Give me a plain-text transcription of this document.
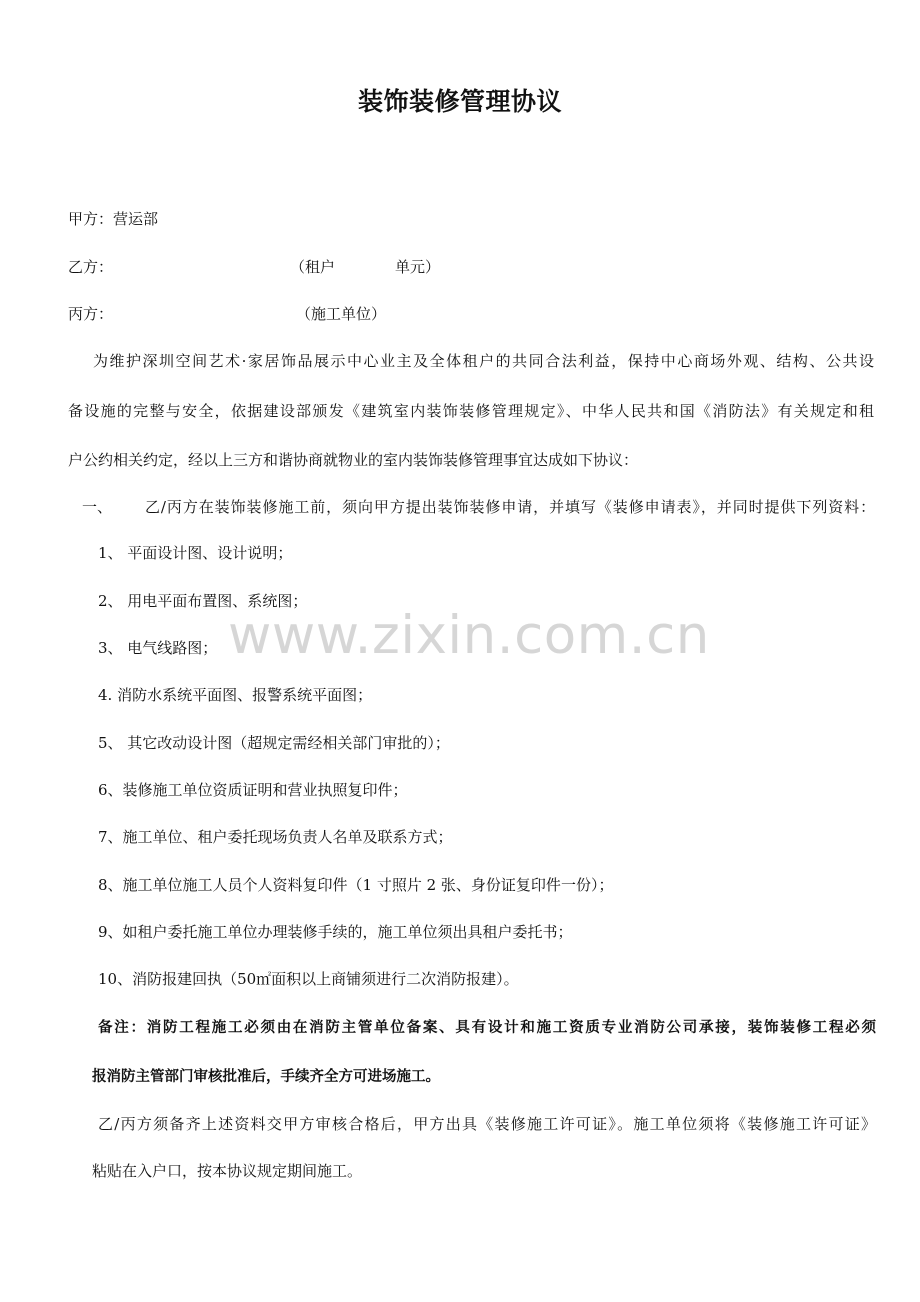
装饰装修管理协议
甲方：营运部
乙方：	（租户　　　　单元）
丙方：	（施工单位）
为维护深圳空间艺术·家居饰品展示中心业主及全体租户的共同合法利益，保持中心商场外观、结构、公共设
备设施的完整与安全，依据建设部颁发《建筑室内装饰装修管理规定》、中华人民共和国《消防法》有关规定和租
户公约相关约定，经以上三方和谐协商就物业的室内装饰装修管理事宜达成如下协议：
一、 乙/丙方在装饰装修施工前，须向甲方提出装饰装修申请，并填写《装修申请表》，并同时提供下列资料：
1、 平面设计图、设计说明；
2、 用电平面布置图、系统图；
3、 电气线路图；
4. 消防水系统平面图、报警系统平面图；
5、 其它改动设计图（超规定需经相关部门审批的）；
6、装修施工单位资质证明和营业执照复印件；
7、施工单位、租户委托现场负责人名单及联系方式；
8、施工单位施工人员个人资料复印件（1 寸照片 2 张、身份证复印件一份）；
9、如租户委托施工单位办理装修手续的，施工单位须出具租户委托书；
10、消防报建回执（50㎡面积以上商铺须进行二次消防报建）。
备注：消防工程施工必须由在消防主管单位备案、具有设计和施工资质专业消防公司承接，装饰装修工程必须
报消防主管部门审核批准后，手续齐全方可进场施工。
乙/丙方须备齐上述资料交甲方审核合格后，甲方出具《装修施工许可证》。施工单位须将《装修施工许可证》
粘贴在入户口，按本协议规定期间施工。
www.zixin.com.cn
